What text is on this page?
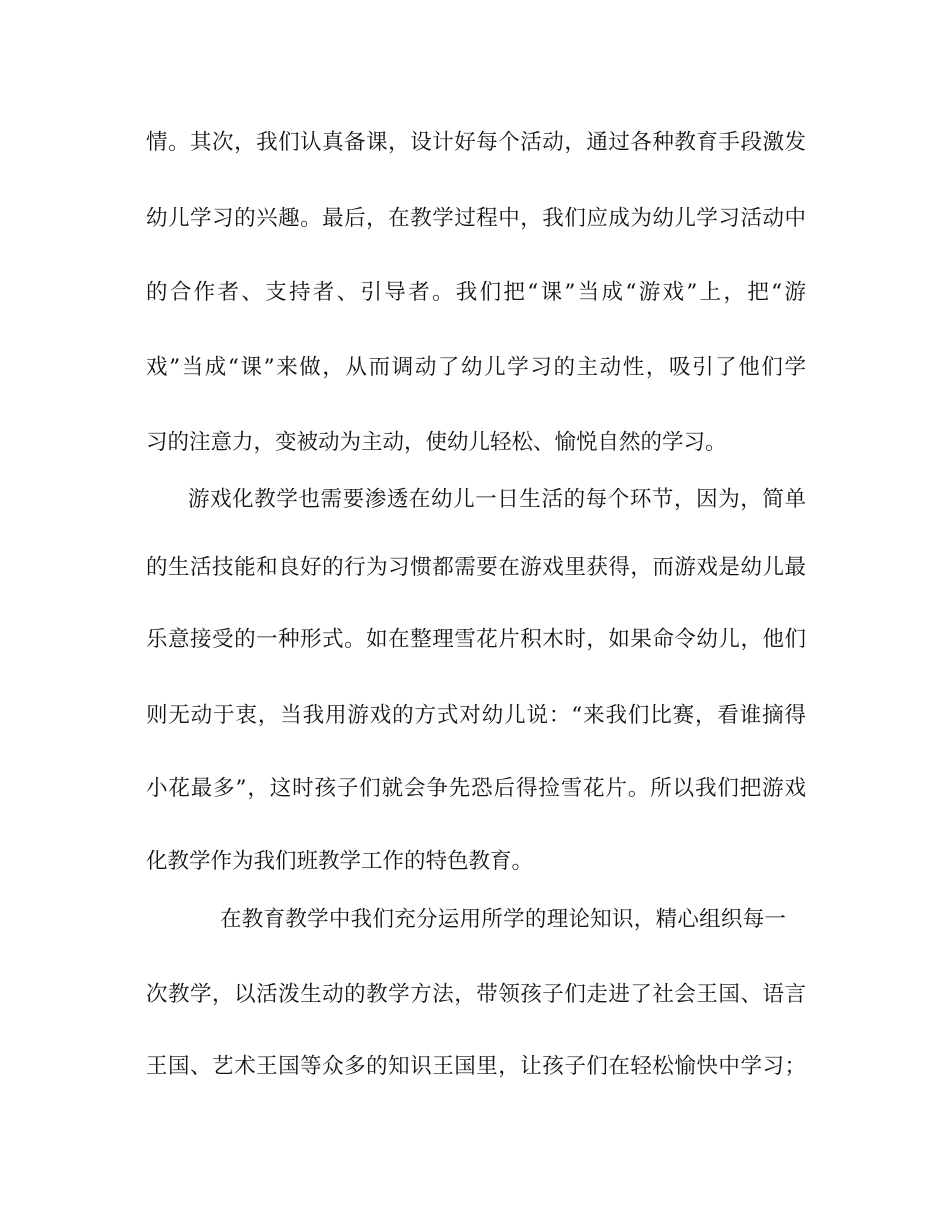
情。其次，我们认真备课，设计好每个活动，通过各种教育手段激发
幼儿学习的兴趣。最后，在教学过程中，我们应成为幼儿学习活动中
的合作者、支持者、引导者。我们把“课”当成“游戏”上，把“游
戏”当成“课”来做，从而调动了幼儿学习的主动性，吸引了他们学
习的注意力，变被动为主动，使幼儿轻松、愉悦自然的学习。
游戏化教学也需要渗透在幼儿一日生活的每个环节，因为，简单
的生活技能和良好的行为习惯都需要在游戏里获得，而游戏是幼儿最
乐意接受的一种形式。如在整理雪花片积木时，如果命令幼儿，他们
则无动于衷，当我用游戏的方式对幼儿说：“来我们比赛，看谁摘得
小花最多”，这时孩子们就会争先恐后得捡雪花片。所以我们把游戏
化教学作为我们班教学工作的特色教育。
在教育教学中我们充分运用所学的理论知识，精心组织每一
次教学，以活泼生动的教学方法，带领孩子们走进了社会王国、语言
王国、艺术王国等众多的知识王国里，让孩子们在轻松愉快中学习；
